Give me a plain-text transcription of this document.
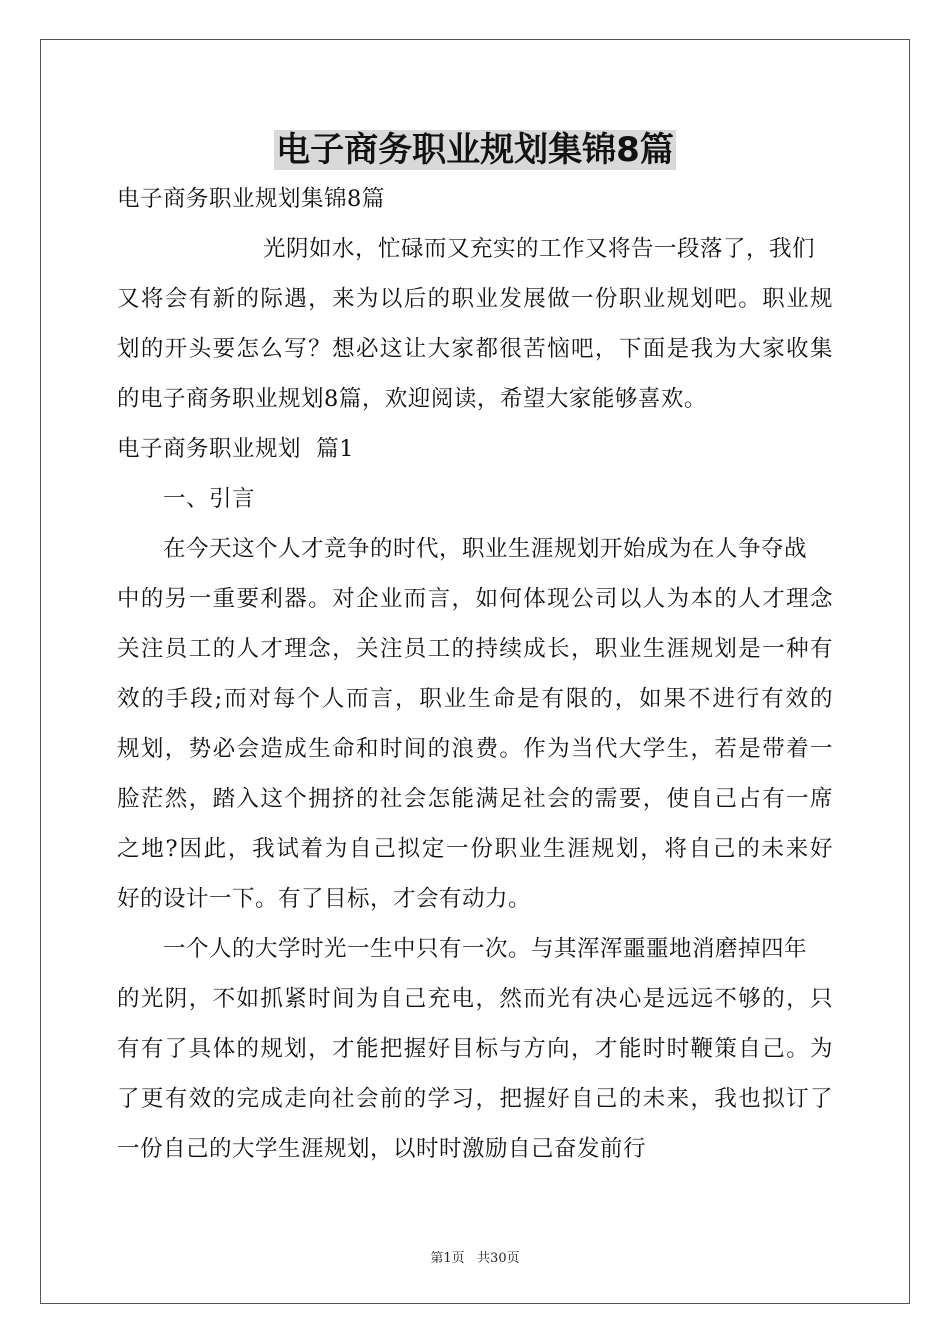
电子商务职业规划集锦8篇
电子商务职业规划集锦8篇
光阴如水，忙碌而又充实的工作又将告一段落了，我们
又将会有新的际遇，来为以后的职业发展做一份职业规划吧。职业规
划的开头要怎么写？想必这让大家都很苦恼吧，下面是我为大家收集
的电子商务职业规划8篇，欢迎阅读，希望大家能够喜欢。
电子商务职业规划  篇1
一、引言
在今天这个人才竞争的时代，职业生涯规划开始成为在人争夺战
中的另一重要利器。对企业而言，如何体现公司以人为本的人才理念
关注员工的人才理念，关注员工的持续成长，职业生涯规划是一种有
效的手段;而对每个人而言，职业生命是有限的，如果不进行有效的
规划，势必会造成生命和时间的浪费。作为当代大学生，若是带着一
脸茫然，踏入这个拥挤的社会怎能满足社会的需要，使自己占有一席
之地?因此，我试着为自己拟定一份职业生涯规划，将自己的未来好
好的设计一下。有了目标，才会有动力。
一个人的大学时光一生中只有一次。与其浑浑噩噩地消磨掉四年
的光阴，不如抓紧时间为自己充电，然而光有决心是远远不够的，只
有有了具体的规划，才能把握好目标与方向，才能时时鞭策自己。为
了更有效的完成走向社会前的学习，把握好自己的未来，我也拟订了
一份自己的大学生涯规划，以时时激励自己奋发前行
第1页   共30页
